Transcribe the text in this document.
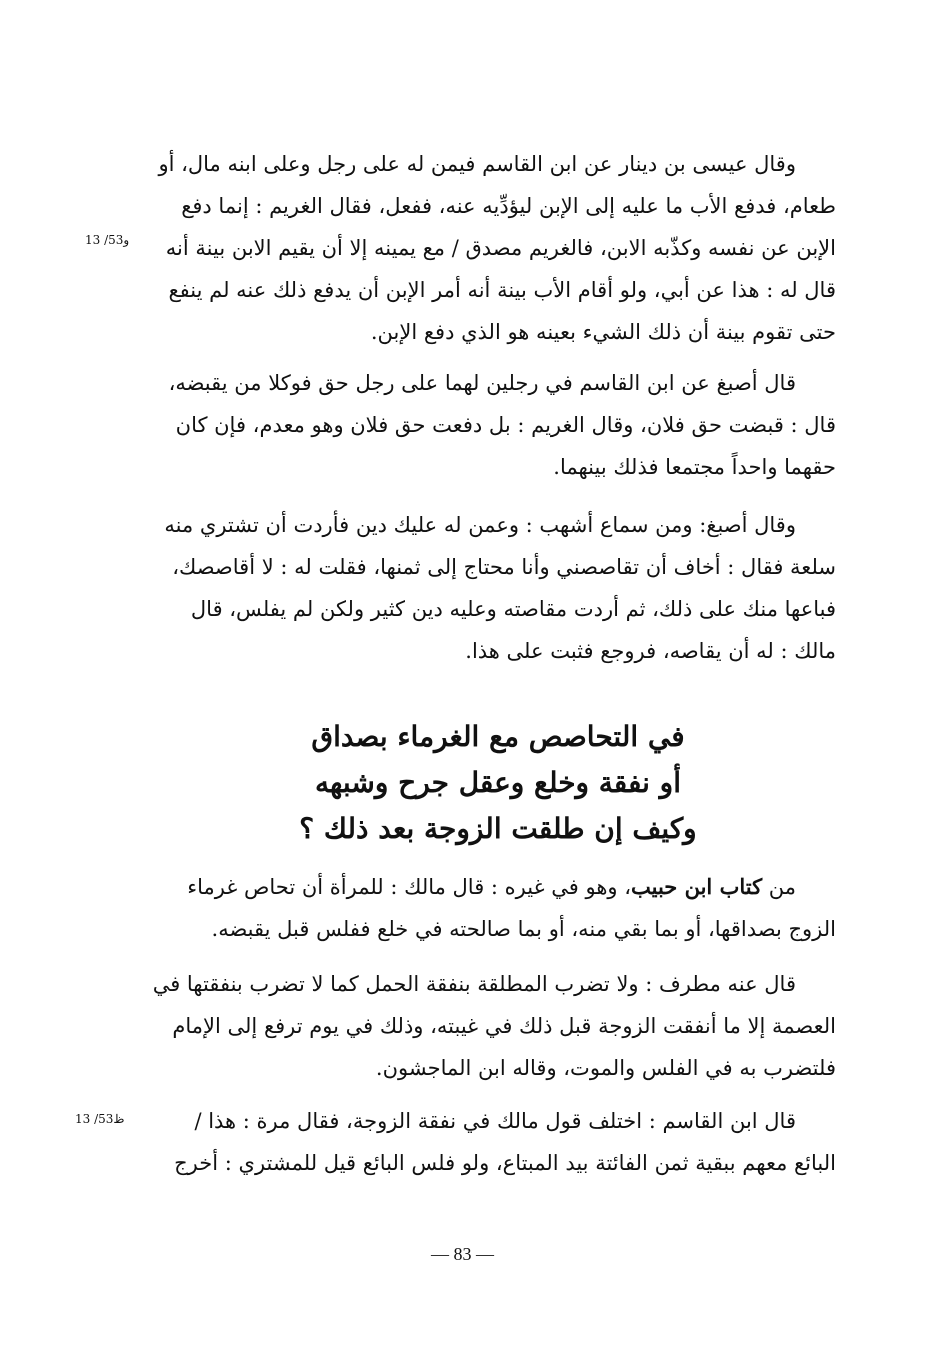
13 /53و
13 /53ظ
وقال عيسى بن دينار عن ابن القاسم فيمن له على رجل وعلى ابنه مال، أو
طعام، فدفع الأب ما عليه إلى الإبن ليؤدِّيه عنه، ففعل، فقال الغريم : إنما دفع
الإبن عن نفسه وكذّبه الابن، فالغريم مصدق / مع يمينه إلا أن يقيم الابن بينة أنه
قال له : هذا عن أبي، ولو أقام الأب بينة أنه أمر الإبن أن يدفع ذلك عنه لم ينفع
حتى تقوم بينة أن ذلك الشيء بعينه هو الذي دفع الإبن.
قال أصبغ عن ابن القاسم في رجلين لهما على رجل حق فوكلا من يقبضه،
قال : قبضت حق فلان، وقال الغريم : بل دفعت حق فلان وهو معدم، فإن كان
حقهما واحداً مجتمعا فذلك بينهما.
وقال أصبغ: ومن سماع أشهب : وعمن له عليك دين فأردت أن تشتري منه
سلعة فقال : أخاف أن تقاصصني وأنا محتاج إلى ثمنها، فقلت له : لا أقاصصك،
فباعها منك على ذلك، ثم أردت مقاصته وعليه دين كثير ولكن لم يفلس، قال
مالك : له أن يقاصه، فروجع فثبت على هذا.
في التحاصص مع الغرماء بصداق
أو نفقة وخلع وعقل جرح وشبهه
وكيف إن طلقت الزوجة بعد ذلك ؟
من كتاب ابن حبيب، وهو في غيره : قال مالك : للمرأة أن تحاص غرماء
الزوج بصداقها، أو بما بقي منه، أو بما صالحته في خلع ففلس قبل يقبضه.
قال عنه مطرف : ولا تضرب المطلقة بنفقة الحمل كما لا تضرب بنفقتها في
العصمة إلا ما أنفقت الزوجة قبل ذلك في غيبته، وذلك في يوم ترفع إلى الإمام
فلتضرب به في الفلس والموت، وقاله ابن الماجشون.
قال ابن القاسم : اختلف قول مالك في نفقة الزوجة، فقال مرة : هذا /
البائع معهم ببقية ثمن الفائتة بيد المبتاع، ولو فلس البائع قيل للمشتري : أخرج
— 83 —
